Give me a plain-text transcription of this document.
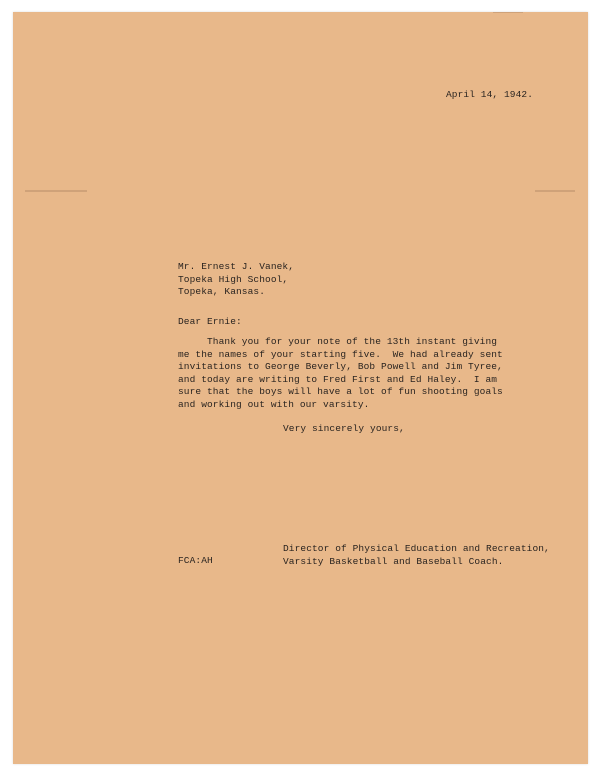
April 14, 1942.
Mr. Ernest J. Vanek,
Topeka High School,
Topeka, Kansas.
Dear Ernie:
Thank you for your note of the 13th instant giving
me the names of your starting five.  We had already sent
invitations to George Beverly, Bob Powell and Jim Tyree,
and today are writing to Fred First and Ed Haley.  I am
sure that the boys will have a lot of fun shooting goals
and working out with our varsity.
Very sincerely yours,
Director of Physical Education and Recreation,
Varsity Basketball and Baseball Coach.
FCA:AH
